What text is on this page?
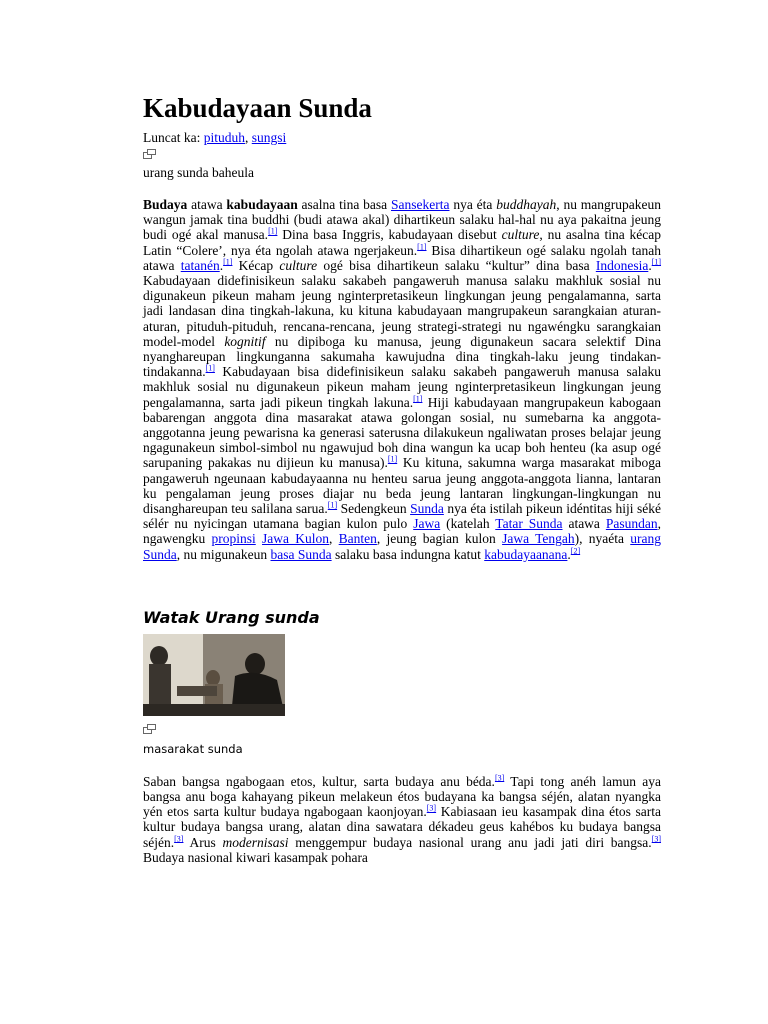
Kabudayaan Sunda
Luncat ka: pituduh, sungsi
urang sunda baheula

Budaya atawa kabudayaan asalna tina basa Sansekerta nya éta buddhayah, nu mangrupakeun wangun jamak tina buddhi (budi atawa akal) dihartikeun salaku hal-hal nu aya pakaitna jeung budi ogé akal manusa.[1] Dina basa Inggris, kabudayaan disebut culture, nu asalna tina kécap Latin “Colere’, nya éta ngolah atawa ngerjakeun.[1] Bisa dihartikeun ogé salaku ngolah tanah atawa tatanén.[1] Kécap culture ogé bisa dihartikeun salaku “kultur” dina basa Indonesia.[1] Kabudayaan didefinisikeun salaku sakabeh pangaweruh manusa salaku makhluk sosial nu digunakeun pikeun maham jeung nginterpretasikeun lingkungan jeung pengalamanna, sarta jadi landasan dina tingkah-lakuna, ku kituna kabudayaan mangrupakeun sarangkaian aturan-aturan, pituduh-pituduh, rencana-rencana, jeung strategi-strategi nu ngawéngku sarangkaian model-model kognitif nu dipiboga ku manusa, jeung digunakeun sacara selektif Dina nyanghareupan lingkunganna sakumaha kawujudna dina tingkah-laku jeung tindakan-tindakanna.[1] Kabudayaan bisa didefinisikeun salaku sakabeh pangaweruh manusa salaku makhluk sosial nu digunakeun pikeun maham jeung nginterpretasikeun lingkungan jeung pengalamanna, sarta jadi pikeun tingkah lakuna.[1] Hiji kabudayaan mangrupakeun kabogaan babarengan anggota dina masarakat atawa golongan sosial, nu sumebarna ka anggota-anggotanna jeung pewarisna ka generasi saterusna dilakukeun ngaliwatan proses belajar jeung ngagunakeun simbol-simbol nu ngawujud boh dina wangun ka ucap boh henteu (ka asup ogé sarupaning pakakas nu dijieun ku manusa).[1] Ku kituna, sakumna warga masarakat miboga pangaweruh ngeunaan kabudayaanna nu henteu sarua jeung anggota-anggota lianna, lantaran ku pengalaman jeung proses diajar nu beda jeung lantaran lingkungan-lingkungan nu disanghareupan teu salilana sarua.[1] Sedengkeun Sunda nya éta istilah pikeun idéntitas hiji séké sélér nu nyicingan utamana bagian kulon pulo Jawa (katelah Tatar Sunda atawa Pasundan, ngawengku propinsi Jawa Kulon, Banten, jeung bagian kulon Jawa Tengah), nyaéta urang Sunda, nu migunakeun basa Sunda salaku basa indungna katut kabudayaanana.[2]

Watak Urang sunda
masarakat sunda

Saban bangsa ngabogaan etos, kultur, sarta budaya anu béda.[3] Tapi tong anéh lamun aya bangsa anu boga kahayang pikeun melakeun étos budayana ka bangsa séjén, alatan nyangka yén etos sarta kultur budaya ngabogaan kaonjoyan.[3] Kabiasaan ieu kasampak dina étos sarta kultur budaya bangsa urang, alatan dina sawatara dékadeu geus kahébos ku budaya bangsa séjén.[3] Arus modernisasi menggempur budaya nasional urang anu jadi jati diri bangsa.[3] Budaya nasional kiwari kasampak pohara
